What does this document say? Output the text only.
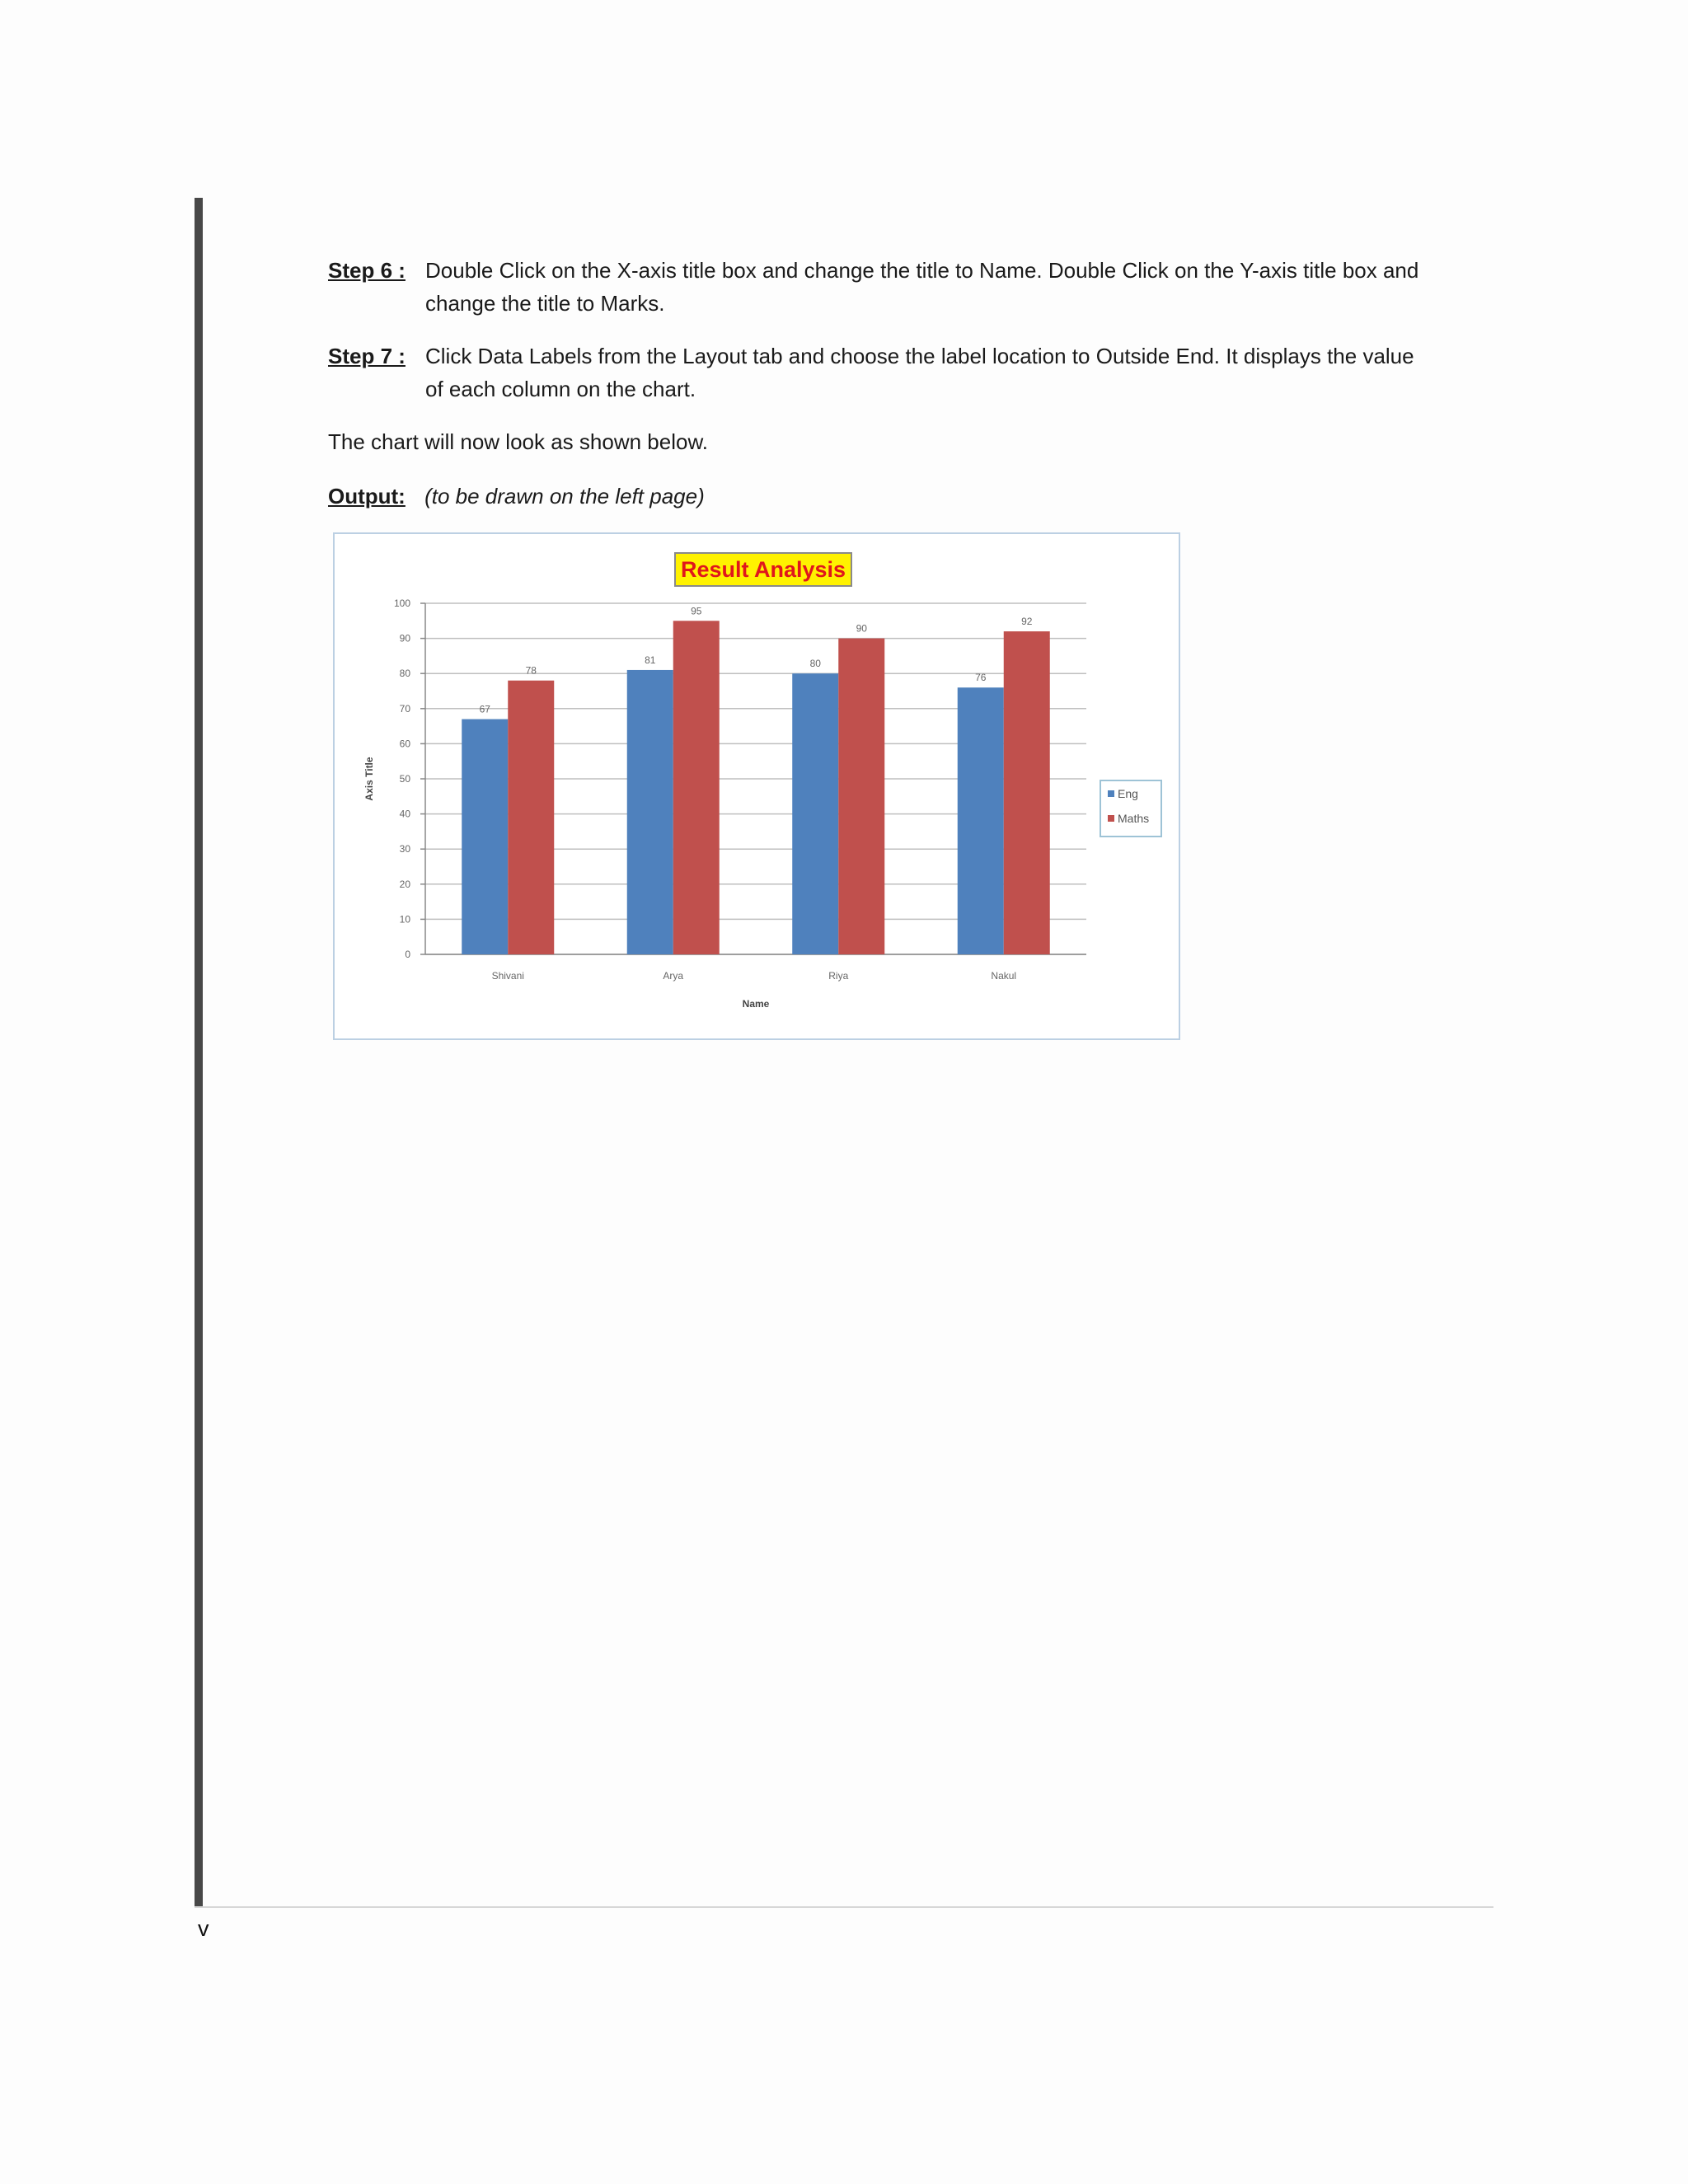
Step 6 : Double Click on the X-axis title box and change the title to Name. Double Click on the Y-axis title box and change the title to Marks.
Step 7 : Click Data Labels from the Layout tab and choose the label location to Outside End. It displays the value of each column on the chart.
The chart will now look as shown below.
Output: (to be drawn on the left page)
0
10
20
30
40
50
60
70
80
90
100
67
78
Shivani
81
95
Arya
80
90
Riya
76
92
Nakul
Name
Axis Title
Result Analysis
Eng
Maths
v
